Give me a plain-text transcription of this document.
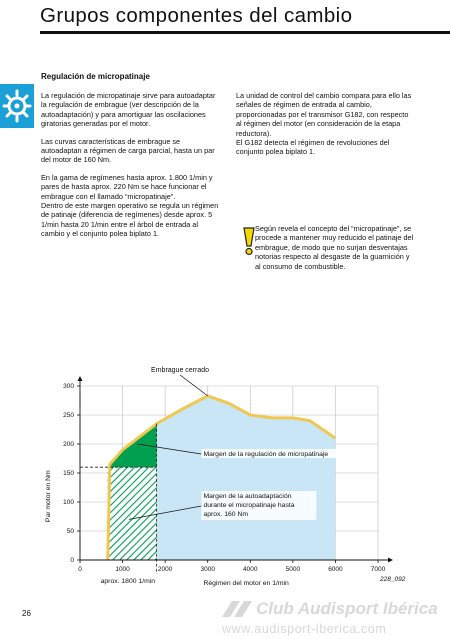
Grupos componentes del cambio
Regulación de micropatinaje

La regulación de micropatinaje sirve para autoadaptar la regulación de embrague (ver descripción de la autoadaptación) y para amortiguar las oscilaciones giratorias generadas por el motor.

Las curvas características de embrague se autoadaptan a régimen de carga parcial, hasta un par del motor de 160 Nm.

En la gama de regímenes hasta aprox. 1.800 1/min y pares de hasta aprox. 220 Nm se hace funcionar el embrague con el llamado “micropatinaje”.
Dentro de este margen operativo se regula un régimen de patinaje (diferencia de regímenes) desde aprox. 5 1/min hasta 20 1/min entre el árbol de entrada al cambio y el conjunto polea biplato 1.

La unidad de control del cambio compara para ello las señales de régimen de entrada al cambio, proporcionadas por el transmisor G182, con respecto al régimen del motor (en consideración de la etapa reductora).
El G182 detecta el régimen de revoluciones del conjunto polea biplato 1.

Según revela el concepto del “micropatinaje”, se procede a mantener muy reducido el patinaje del embrague, de modo que no surjan desventajas notorias respecto al desgaste de la guarnición y al consumo de combustible.
0
50
100
150
200
250
300
0	1000	2000	3000	4000	5000	6000	7000
Embrague cerrado
Margen de la regulación de micropatinaje
Margen de la autoadaptación
durante el micropatinaje hasta
aprox. 160 Nm
aprox. 1800 1/min	Régimen del motor en 1/min
Par motor en Nm
228_092
26	Club Audisport Ibérica
www.audisport-iberica.com
